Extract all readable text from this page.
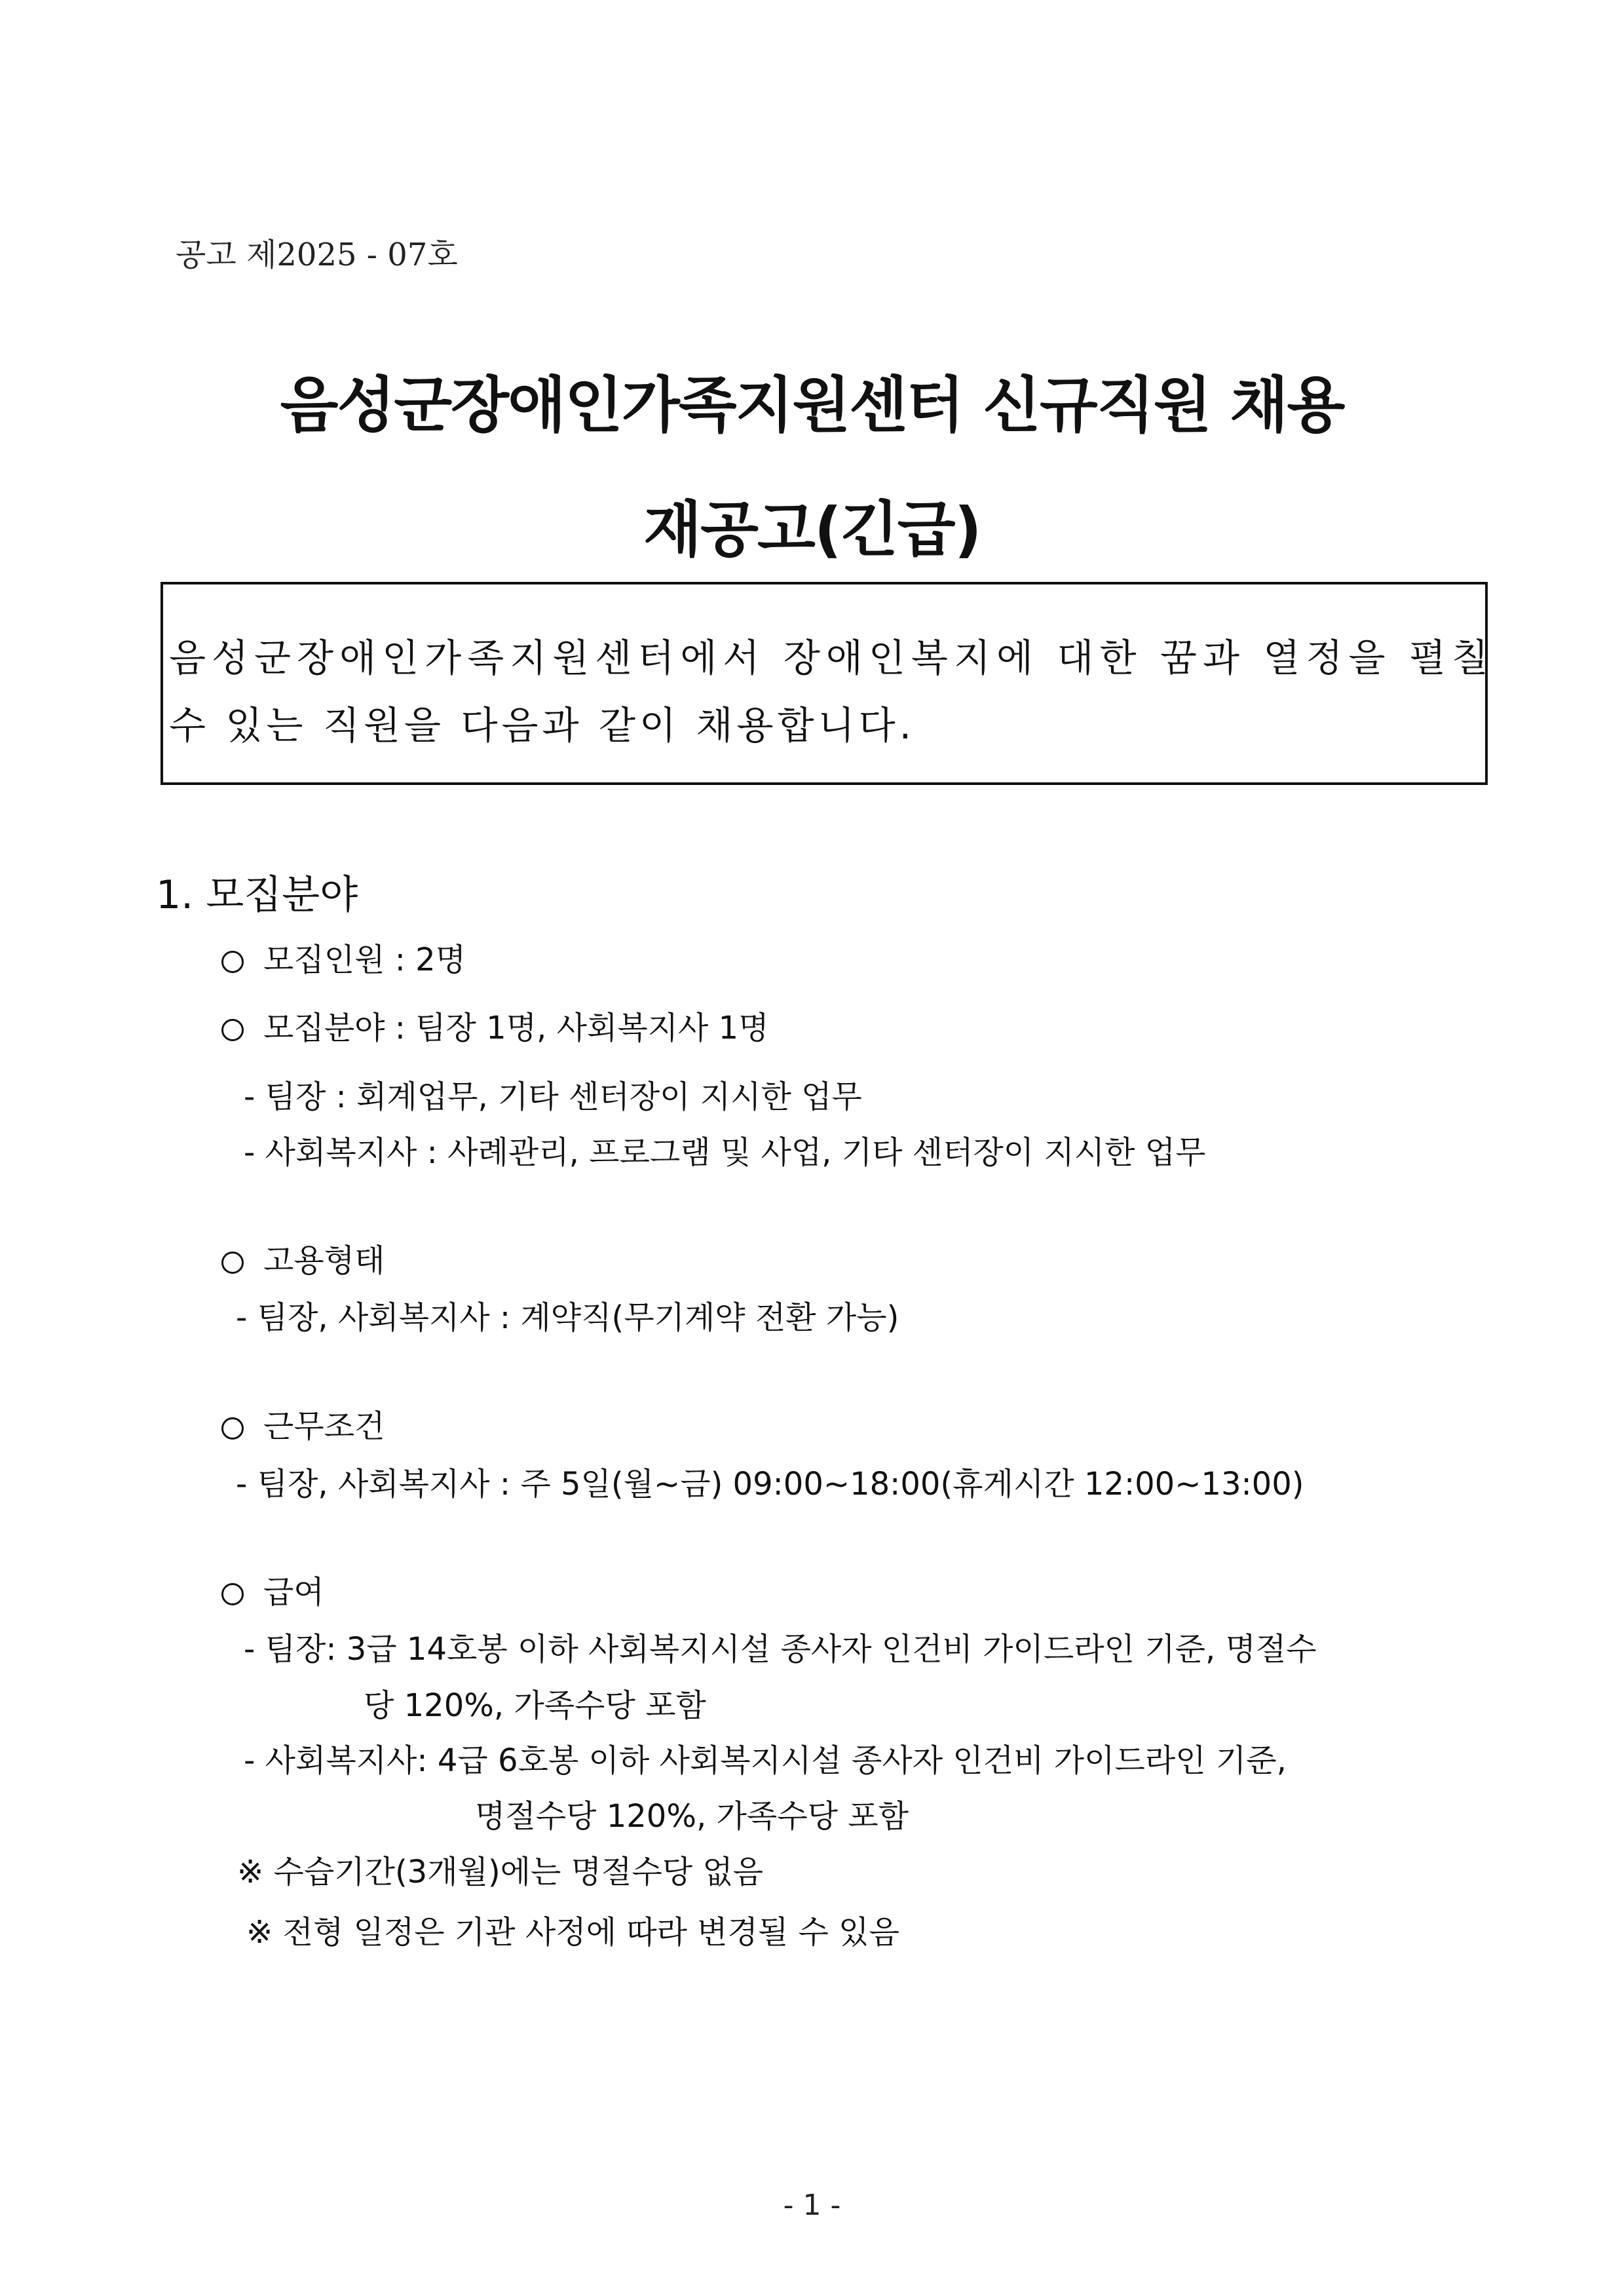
공고 제2025 - 07호
음성군장애인가족지원센터 신규직원 채용
재공고(긴급)
음성군장애인가족지원센터에서 장애인복지에 대한 꿈과 열정을 펼칠
수 있는 직원을 다음과 같이 채용합니다.
1. 모집분야
모집인원 : 2명
모집분야 : 팀장 1명, 사회복지사 1명
- 팀장 : 회계업무, 기타 센터장이 지시한 업무
- 사회복지사 : 사례관리, 프로그램 및 사업, 기타 센터장이 지시한 업무
고용형태
- 팀장, 사회복지사 : 계약직(무기계약 전환 가능)
근무조건
- 팀장, 사회복지사 : 주 5일(월~금) 09:00~18:00(휴게시간 12:00~13:00)
급여
- 팀장: 3급 14호봉 이하 사회복지시설 종사자 인건비 가이드라인 기준, 명절수
당 120%, 가족수당 포함
- 사회복지사: 4급 6호봉 이하 사회복지시설 종사자 인건비 가이드라인 기준,
명절수당 120%, 가족수당 포함
※ 수습기간(3개월)에는 명절수당 없음
※ 전형 일정은 기관 사정에 따라 변경될 수 있음
- 1 -
